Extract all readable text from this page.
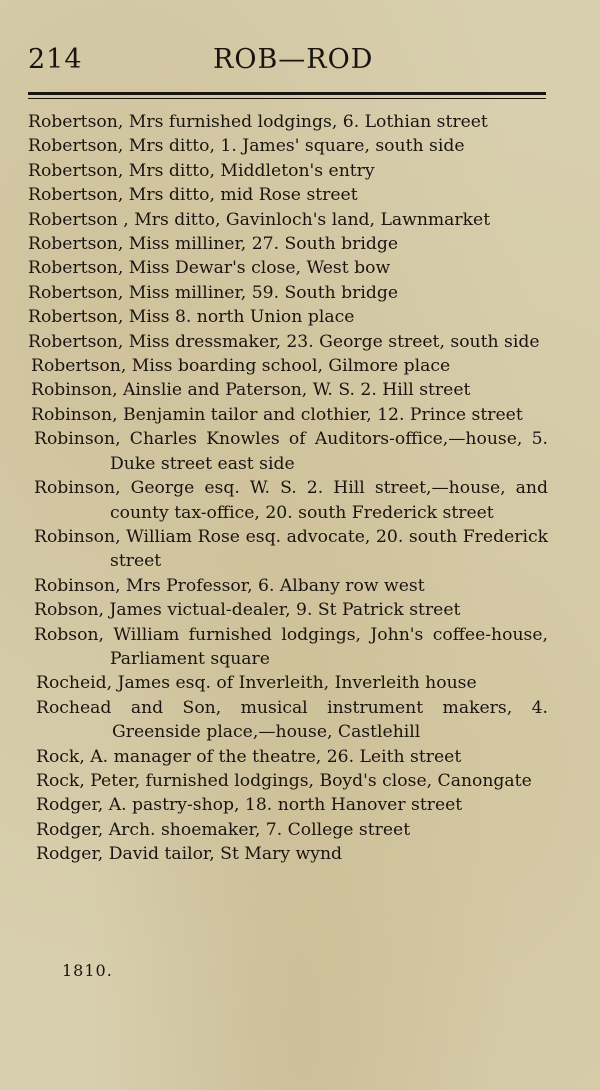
214	ROB—ROD
Robertson, Mrs furnished lodgings, 6. Lothian street
Robertson, Mrs ditto, 1. James' square, south side
Robertson, Mrs ditto, Middleton's entry
Robertson, Mrs ditto, mid Rose street
Robertson , Mrs ditto, Gavinloch's land, Lawnmarket
Robertson, Miss milliner, 27. South bridge
Robertson, Miss Dewar's close, West bow
Robertson, Miss milliner, 59. South bridge
Robertson, Miss 8. north Union place
Robertson, Miss dressmaker, 23. George street, south side
Robertson, Miss boarding school, Gilmore place
Robinson, Ainslie and Paterson, W. S. 2. Hill street
Robinson, Benjamin tailor and clothier, 12. Prince street
Robinson, Charles Knowles of Auditors-office,—house, 5. Duke street east side
Robinson, George esq. W. S. 2. Hill street,—house, and county tax-office, 20. south Frederick street
Robinson, William Rose esq. advocate, 20. south Frederick street
Robinson, Mrs Professor, 6. Albany row west
Robson, James victual-dealer, 9. St Patrick street
Robson, William furnished lodgings, John's coffee-house, Parliament square
Rocheid, James esq. of Inverleith, Inverleith house
Rochead and Son, musical instrument makers, 4. Greenside place,—house, Castlehill
Rock, A. manager of the theatre, 26. Leith street
Rock, Peter, furnished lodgings, Boyd's close, Canongate
Rodger, A. pastry-shop, 18. north Hanover street
Rodger, Arch. shoemaker, 7. College street
Rodger, David tailor, St Mary wynd
1810.
